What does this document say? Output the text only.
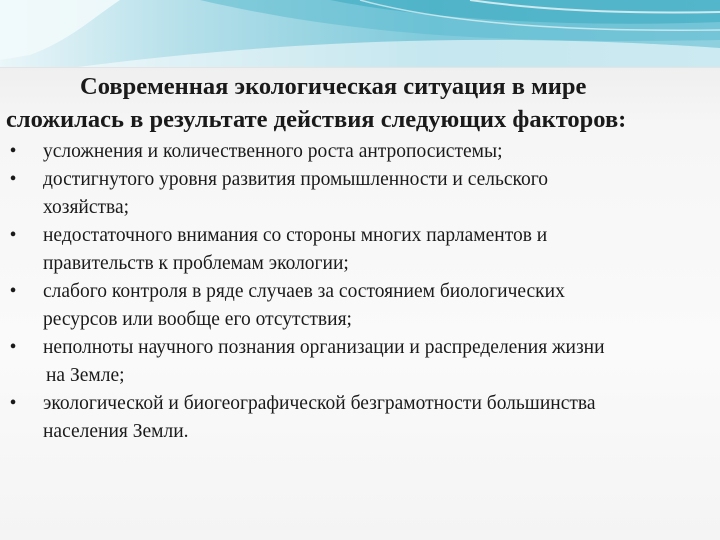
Современная экологическая ситуация в мире
сложилась в результате действия следующих факторов:
• усложнения и количественного роста антропосистемы;
• достигнутого уровня развития промышленности и сельского
хозяйства;
• недостаточного внимания со стороны многих парламентов и
правительств к проблемам экологии;
• слабого контроля в ряде случаев за состоянием биологических
ресурсов или вообще его отсутствия;
• неполноты научного познания организации и распределения жизни
на Земле;
• экологической и биогеографической безграмотности большинства
населения Земли.
